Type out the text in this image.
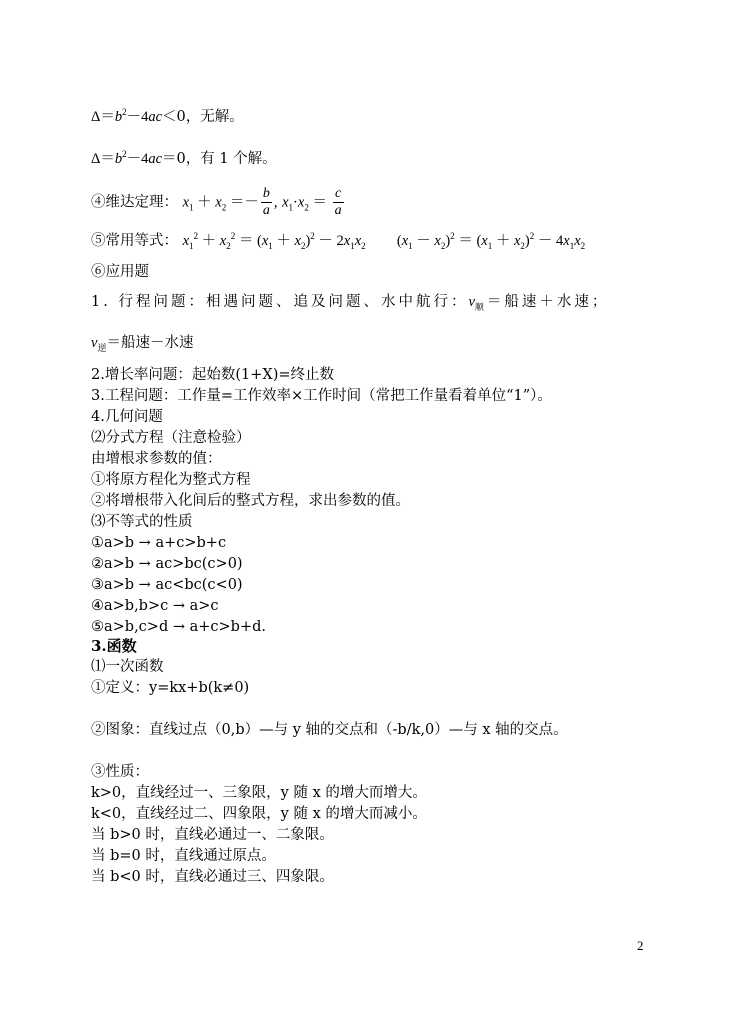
$\Delta=b^2-4ac<0$，无解。
$\Delta=b^2-4ac=0$，有 1 个解。
④维达定理： $x_1 + x_2 =- \frac{b}{a}$ , $x_1\cdot x_2 = \frac{c}{a}$
⑤常用等式： $x_1^2 + x_2^2 = (x_1 + x_2)^2 - 2x_1x_2$ $(x_1 - x_2)^2 = (x_1 + x_2)^2 - 4x_1x_2$
⑥应用题
1. 行程问题：相遇问题、追及问题、水中航行：$v_顺=$船速＋水速；
$v_逆=$船速－水速
2.增长率问题：起始数(1+X)=终止数
3.工程问题：工作量=工作效率×工作时间（常把工作量看着单位“1”）。
4.几何问题
⑵分式方程（注意检验）
由增根求参数的值：
①将原方程化为整式方程
②将增根带入化间后的整式方程，求出参数的值。
⑶不等式的性质
①a>b → a+c>b+c
②a>b → ac>bc(c>0)
③a>b → ac<bc(c<0)
④a>b,b>c → a>c
⑤a>b,c>d → a+c>b+d.
3.函数
⑴一次函数
①定义：y=kx+b(k≠0)
②图象：直线过点（0,b）—与 y 轴的交点和（-b/k,0）—与 x 轴的交点。
③性质：
k>0，直线经过一、三象限，y 随 x 的增大而增大。
k<0，直线经过二、四象限，y 随 x 的增大而减小。
当 b>0 时，直线必通过一、二象限。
当 b=0 时，直线通过原点。
当 b<0 时，直线必通过三、四象限。
2
